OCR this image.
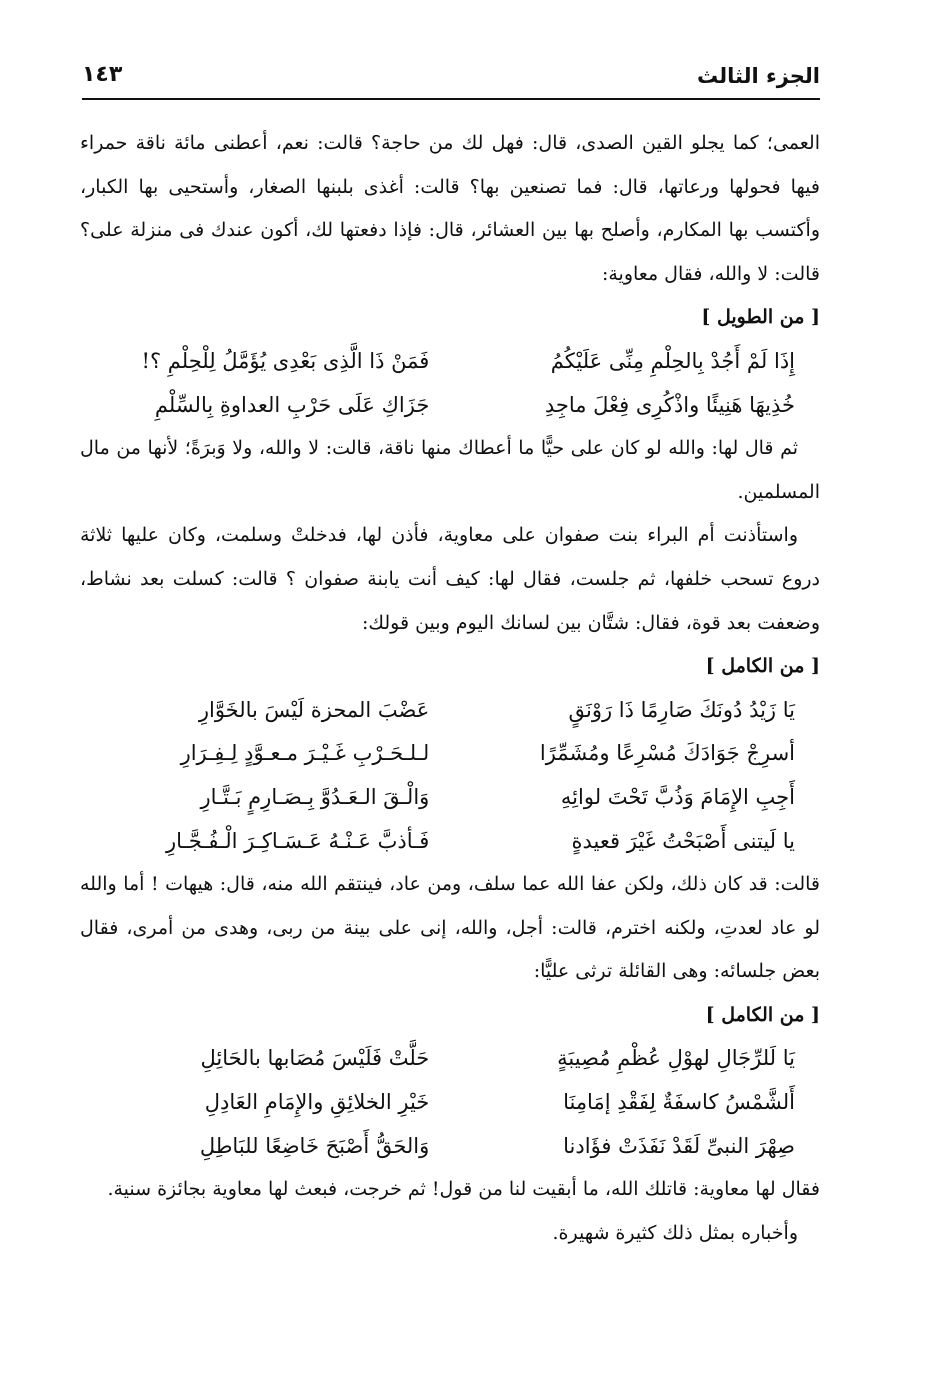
الجزء الثالث
١٤٣

العمى؛ كما يجلو القين الصدى، قال: فهل لك من حاجة؟ قالت: نعم، أعطنى مائة ناقة حمراء فيها فحولها ورعاتها، قال: فما تصنعين بها؟ قالت: أغذى بلبنها الصغار، وأستحيى بها الكبار، وأكتسب بها المكارم، وأصلح بها بين العشائر، قال: فإذا دفعتها لك، أكون عندك فى منزلة على؟ قالت: لا والله، فقال معاوية:

[ من الطويل ]

إِذَا لَمْ أَجُدْ بِالحِلْمِ مِنِّى عَلَيْكُمُ
فَمَنْ ذَا الَّذِى بَعْدِى يُؤَمَّلُ لِلْحِلْمِ ؟!
خُذِيهَا هَنِيئًا واذْكُرِى فِعْلَ ماجِدِ
جَزَاكِ عَلَى حَرْبِ العداوةِ بِالسِّلْمِ

ثم قال لها: والله لو كان على حيًّا ما أعطاك منها ناقة، قالت: لا والله، ولا وَبرَةً؛ لأنها من مال المسلمين.

واستأذنت أم البراء بنت صفوان على معاوية، فأذن لها، فدخلتْ وسلمت، وكان عليها ثلاثة دروع تسحب خلفها، ثم جلست، فقال لها: كيف أنت يابنة صفوان ؟ قالت: كسلت بعد نشاط، وضعفت بعد قوة، فقال: شتَّان بين لسانك اليوم وبين قولك:

[ من الكامل ]

يَا زَيْدُ دُونَكَ صَارِمًا ذَا رَوْنَقٍ
عَضْبَ المحزة لَيْسَ بالخَوَّارِ
أسرِجْ جَوَادَكَ مُسْرِعًا ومُشَمِّرًا
لـلـحَـرْبِ غَـيْـرَ مـعـوَّدٍ لِـفِـرَارِ
أَجِبِ الإِمَامَ وَذُبَّ تَحْتَ لوائِهِ
وَالْـقَ الـعَـدُوَّ بِـصَـارِمٍ بَـتَّـارِ
يا لَيتنى أَصْبَحْتُ غَيْرَ قعيدةٍ
فَـأذبَّ عَـنْـهُ عَـسَـاكِـرَ الْـفُـجَّـارِ

قالت: قد كان ذلك، ولكن عفا الله عما سلف، ومن عاد، فينتقم الله منه، قال: هيهات ! أما والله لو عاد لعدتِ، ولكنه اخترم، قالت: أجل، والله، إنى على بينة من ربى، وهدى من أمرى، فقال بعض جلسائه: وهى القائلة ترثى عليًّا:

[ من الكامل ]

يَا لَلرِّجَالِ لهوْلِ عُظْمِ مُصِيبَةٍ
حَلَّتْ فَلَيْسَ مُصَابها بالحَائِلِ
أَلشَّمْسُ كاسفَةٌ لِفَقْدِ إمَامِنَا
خَيْرِ الخلائِقِ والإِمَامِ العَادِلِ
صِهْرَ النبىِّ لَقَدْ نَفَذَتْ فؤَادنا
وَالحَقُّ أَصْبَحَ خَاضِعًا للبَاطِلِ

فقال لها معاوية: قاتلك الله، ما أبقيت لنا من قول! ثم خرجت، فبعث لها معاوية بجائزة سنية.

وأخباره بمثل ذلك كثيرة شهيرة.
